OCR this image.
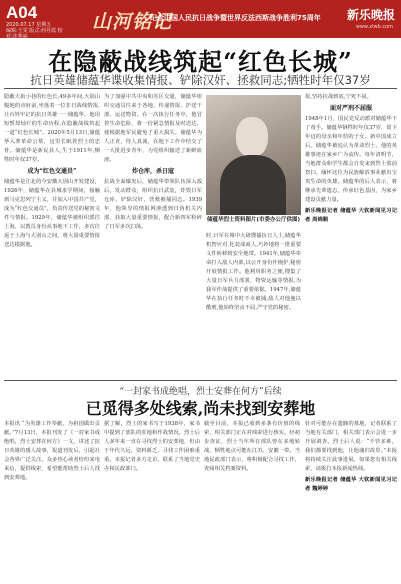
A04
2020.07.17 星期五
编辑:王雯 版式:何丹霞 校对:沈秀丽
山河铭记
纪念中国人民抗日战争暨世界反法西斯战争胜利75周年	新乐晚报
www.xlwb.com
在隐蔽战线筑起“红色长城”
抗日英雄储蕴华谍收集情报、铲除汉奸、拯救同志;牺牲时年仅37岁
隐蔽大街小巷的红色长,49多年间,大别山腹地的市府前,坐落着一位非日战线情报,让百姓牢记的抗日英雄一一储蕴华。他用短暂却灿烂的生命历程,在隐蔽战线筑起一道“红色长城”。2020年5月13日,储蕴华入葬革命公墓，这里长眠着烈士的忠骨。储蕴华是新民县人,生于1911年,牺牲时年仅37岁。
成为“红色交通员”
储蕴华是江北的今安徽大别山开发建设，1926年，储蕴华在县城求学期间，接触到马克思列宁主义，并加入中国共产党，成为“红色交通员”，负责传送党的秘密文件与情报。1929年，储蕴华被组织派往上海，以教员身份从事地下工作，多次往返于上海与大别山之间，将大量重要情报送达根据地。
为了加强中共中央和苏区交通，储蕴华组织交通员往来于各地，传递情报、护送干部、运送物资。在一次执行任务中，他冒着生命危险，将一份紧急情报及时送达，使根据地军民避免了重大损失。储蕴华为人正直，待人真诚，在地下工作中结交了一大批进步青年，为党组织输送了新鲜血液。
炸仓库，杀日寇
抗战全面爆发后，储蕴华带领队伍深入敌后，发动群众，组织抗日武装，炸毁日军仓库，铲除汉奸，营救被捕同志。1939年，他领导的情报网渗透到日伪机关内部，获取大量重要情报，配合新四军粉碎了日军多次扫荡。
储蕴华烈士资料图片(市委办公厅供图)
时,日军在城中大肆搜捕抗日人士,储蕴华机智应对,化装成商人,巧妙地将一批重要文件转移到安全地带。1941年,储蕴华奉命打入敌人内部,以公开身份作掩护,秘密开展情报工作。他利用职务之便,搜集了大量日军兵力部署、物资运输等情报,为我军作战提供了重要依据。1947年,储蕴华在执行任务时不幸被捕,敌人对他施以酷刑,他始终坚贞不屈,严守党的秘密。
报,坚持抗战到底,宁死不屈。
面对严刑不屈服
1948年1月，国民党反动派对储蕴华下了毒手。储蕴华牺牲时年仅37岁，留下年迈的母亲和年幼的子女。新中国成立后，储蕴华被追认为革命烈士，他的英雄事迹在家乡广为流传。每年清明节，当地群众和学生都会自发来到烈士墓前祭扫，缅怀这位为民族解放事业献出宝贵生命的英雄。储蕴华的后人表示，将继承先辈遗志，传承红色基因，为家乡建设贡献力量。
新乐晚报记者 储蕴华 大钦新闻见习记者 周锦顺
“一封家书成绝唱，烈士安葬在何方”后续
已觅得多处线索,尚未找到安葬地
本报讯 “为英雄工作奉献，为祖国做出贡献。”7月13日，本报刊发了《一封家书成绝唱，烈士安葬在何方》一文，讲述了抗日英雄的感人故事，报道刊发后，引起社会各界广泛关注。众多热心读者纷纷来电来信，提供线索，希望能帮助烈士后人找到安葬地。
据了解，烈士的家书写于1938年，家书中提到了部队的驻地和作战情况。烈士后人多年来一直在寻找烈士的安葬地，但由于年代久远，资料匮乏，寻找工作困难重重。本报记者多方走访，联系了当地党史办和民政部门。
截至目前，本报已收到多条有价值的线索，相关部门正在对线索进行核实。经初步查证，烈士当年所在部队曾在多地转战，牺牲地点可能在江苏、安徽一带。当地民政部门表示，将积极配合寻找工作，查阅相关档案资料。
针对可能存在遗骸的墓地，记者联系了当地有关部门，相关部门表示会进一步开展调查。烈士后人说：“不管多难，我们都要找到他，让他魂归故里。”本报将持续关注此事进展，如果您有相关线索，请拨打本报新闻热线。
新乐晚报记者 储蕴华 大钦新闻见习记者 魏婷婷
